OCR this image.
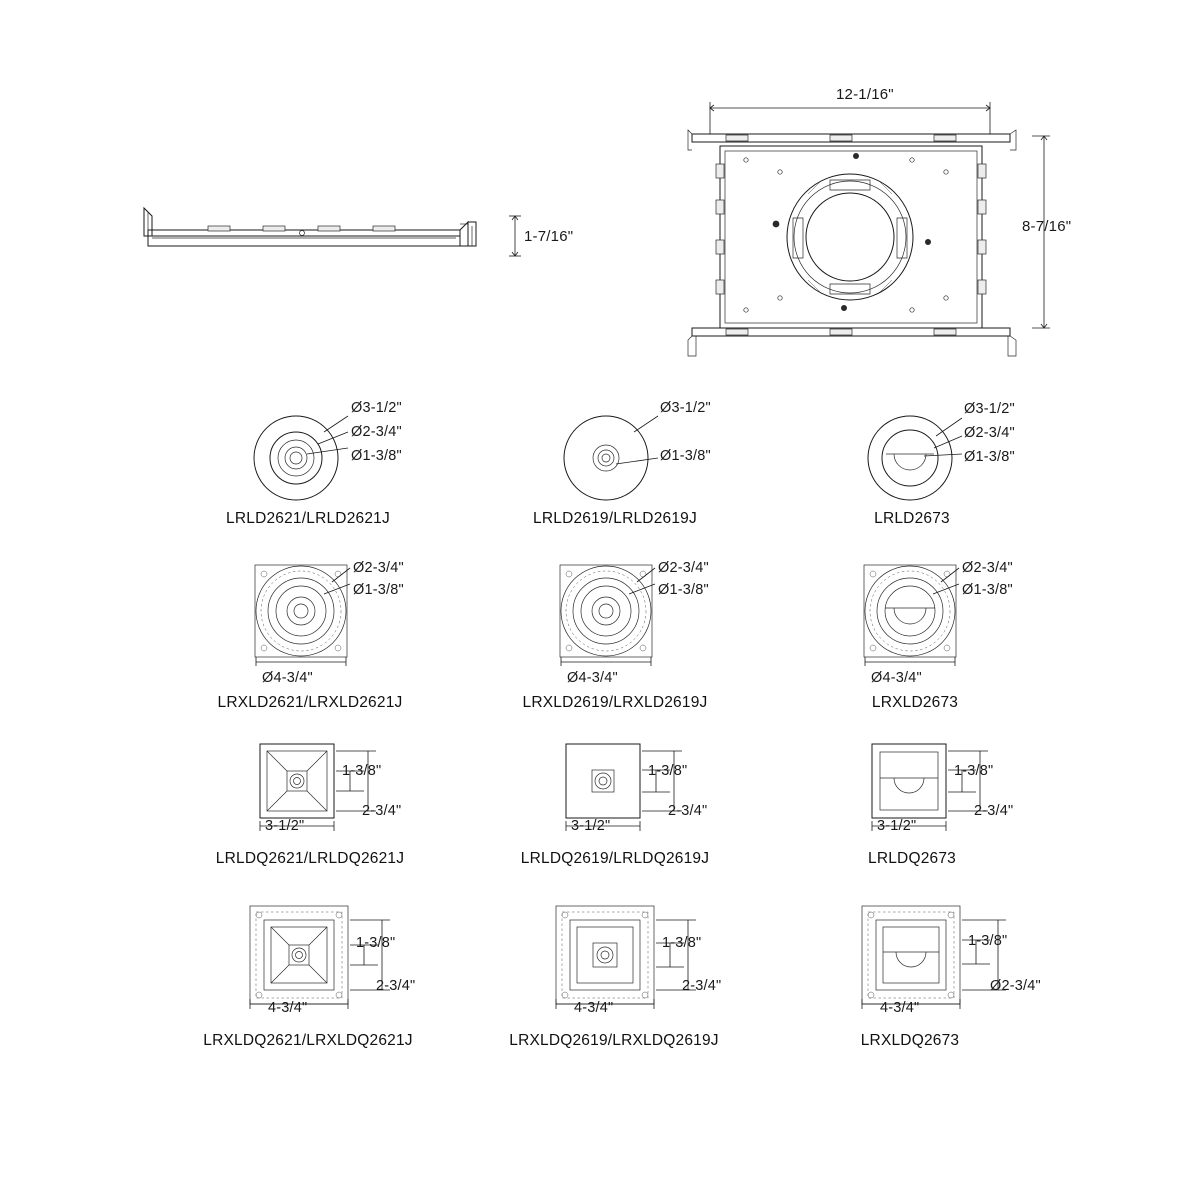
1-7/16"
12-1/16"
8-7/16"
Ø3-1/2"
Ø2-3/4"
Ø1-3/8"
LRLD2621/LRLD2621J
Ø3-1/2"
Ø1-3/8"
LRLD2619/LRLD2619J
Ø3-1/2"
Ø2-3/4"
Ø1-3/8"
LRLD2673
Ø2-3/4"
Ø1-3/8"
Ø4-3/4"
LRXLD2621/LRXLD2621J
Ø2-3/4"
Ø1-3/8"
Ø4-3/4"
LRXLD2619/LRXLD2619J
Ø2-3/4"
Ø1-3/8"
Ø4-3/4"
LRXLD2673
1-3/8"
2-3/4"
3-1/2"
LRLDQ2621/LRLDQ2621J
1-3/8"
2-3/4"
3-1/2"
LRLDQ2619/LRLDQ2619J
1-3/8"
2-3/4"
3-1/2"
LRLDQ2673
1-3/8"
2-3/4"
4-3/4"
LRXLDQ2621/LRXLDQ2621J
1-3/8"
2-3/4"
4-3/4"
LRXLDQ2619/LRXLDQ2619J
1-3/8"
Ø2-3/4"
4-3/4"
LRXLDQ2673
